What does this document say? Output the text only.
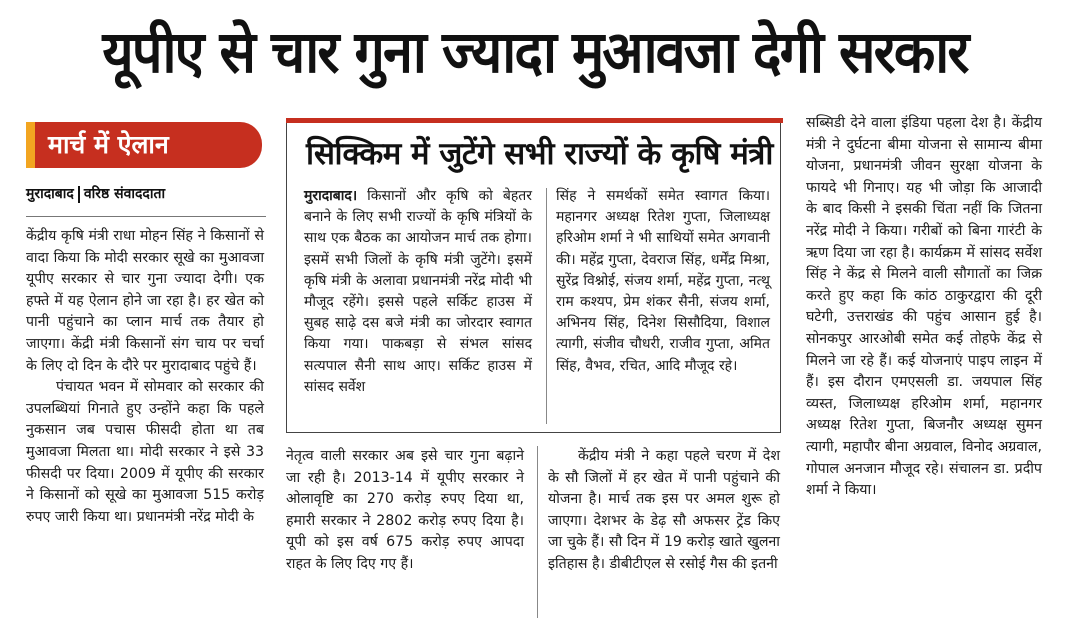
यूपीए से चार गुना ज्यादा मुआवजा देगी सरकार
मार्च में ऐलान
मुरादाबाद वरिष्ठ संवाददाता

केंद्रीय कृषि मंत्री राधा मोहन सिंह ने किसानों से वादा किया कि मोदी सरकार सूखे का मुआवजा यूपीए सरकार से चार गुना ज्यादा देगी। एक हफ्ते में यह ऐलान होने जा रहा है। हर खेत को पानी पहुंचाने का प्लान मार्च तक तैयार हो जाएगा। केंद्री मंत्री किसानों संग चाय पर चर्चा के लिए दो दिन के दौरे पर मुरादाबाद पहुंचे हैं।

पंचायत भवन में सोमवार को सरकार की उपलब्धियां गिनाते हुए उन्होंने कहा कि पहले नुकसान जब पचास फीसदी होता था तब मुआवजा मिलता था। मोदी सरकार ने इसे 33 फीसदी पर दिया। 2009 में यूपीए की सरकार ने किसानों को सूखे का मुआवजा 515 करोड़ रुपए जारी किया था। प्रधानमंत्री नरेंद्र मोदी के

सिक्किम में जुटेंगे सभी राज्यों के कृषि मंत्री

मुरादाबाद। किसानों और कृषि को बेहतर बनाने के लिए सभी राज्यों के कृषि मंत्रियों के साथ एक बैठक का आयोजन मार्च तक होगा। इसमें सभी जिलों के कृषि मंत्री जुटेंगे। इसमें कृषि मंत्री के अलावा प्रधानमंत्री नरेंद्र मोदी भी मौजूद रहेंगे। इससे पहले सर्किट हाउस में सुबह साढ़े दस बजे मंत्री का जोरदार स्वागत किया गया। पाकबड़ा से संभल सांसद सत्यपाल सैनी साथ आए। सर्किट हाउस में सांसद सर्वेश

सिंह ने समर्थकों समेत स्वागत किया। महानगर अध्यक्ष रितेश गुप्ता, जिलाध्यक्ष हरिओम शर्मा ने भी साथियों समेत अगवानी की। महेंद्र गुप्ता, देवराज सिंह, धर्मेंद्र मिश्रा, सुरेंद्र विश्नोई, संजय शर्मा, महेंद्र गुप्ता, नत्थू राम कश्यप, प्रेम शंकर सैनी, संजय शर्मा, अभिनय सिंह, दिनेश सिसौदिया, विशाल त्यागी, संजीव चौधरी, राजीव गुप्ता, अमित सिंह, वैभव, रचित, आदि मौजूद रहे।

नेतृत्व वाली सरकार अब इसे चार गुना बढ़ाने जा रही है। 2013-14 में यूपीए सरकार ने ओलावृष्टि का 270 करोड़ रुपए दिया था, हमारी सरकार ने 2802 करोड़ रुपए दिया है। यूपी को इस वर्ष 675 करोड़ रुपए आपदा राहत के लिए दिए गए हैं।

केंद्रीय मंत्री ने कहा पहले चरण में देश के सौ जिलों में हर खेत में पानी पहुंचाने की योजना है। मार्च तक इस पर अमल शुरू हो जाएगा। देशभर के डेढ़ सौ अफसर ट्रेंड किए जा चुके हैं। सौ दिन में 19 करोड़ खाते खुलना इतिहास है। डीबीटीएल से रसोई गैस की इतनी

सब्सिडी देने वाला इंडिया पहला देश है। केंद्रीय मंत्री ने दुर्घटना बीमा योजना से सामान्य बीमा योजना, प्रधानमंत्री जीवन सुरक्षा योजना के फायदे भी गिनाए। यह भी जोड़ा कि आजादी के बाद किसी ने इसकी चिंता नहीं कि जितना नरेंद्र मोदी ने किया। गरीबों को बिना गारंटी के ऋण दिया जा रहा है। कार्यक्रम में सांसद सर्वेश सिंह ने केंद्र से मिलने वाली सौगातों का जिक्र करते हुए कहा कि कांठ ठाकुरद्वारा की दूरी घटेगी, उत्तराखंड की पहुंच आसान हुई है। सोनकपुर आरओबी समेत कई तोहफे केंद्र से मिलने जा रहे हैं। कई योजनाएं पाइप लाइन में हैं। इस दौरान एमएसली डा. जयपाल सिंह व्यस्त, जिलाध्यक्ष हरिओम शर्मा, महानगर अध्यक्ष रितेश गुप्ता, बिजनौर अध्यक्ष सुमन त्यागी, महापौर बीना अग्रवाल, विनोद अग्रवाल, गोपाल अनजान मौजूद रहे। संचालन डा. प्रदीप शर्मा ने किया।
